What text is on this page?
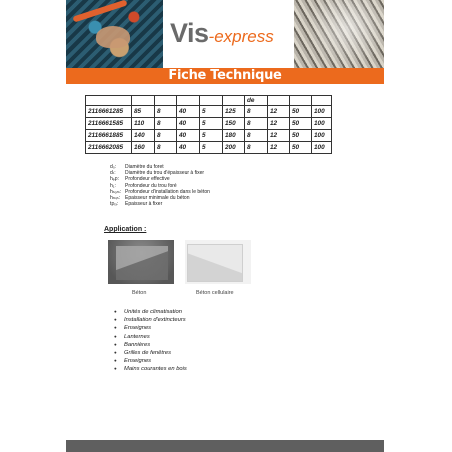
Vis-express
Fiche Technique
						de			
2116661285	85	8	40	5	125	8	12	50	100
2116661585	110	8	40	5	150	8	12	50	100
2116661885	140	8	40	5	180	8	12	50	100
2116662085	160	8	40	5	200	8	12	50	100
d₀:	Diamètre du foret
dₜ:	Diamètre du trou d'épaisseur à fixer
hₑբ:	Profondeur effective
h₁:	Profondeur du trou foré
hₙₒₘ: Profondeur d'installation dans le béton
hₘᵢₙ: Epaisseur minimale du béton
tբᵢₓ:	Epaisseur à fixer
Application :
Béton	Béton cellulaire
● Unités de climatisation
● Installation d'extincteurs
● Enseignes
● Lanternes
● Bannières
● Grilles de fenêtres
● Enseignes
● Mains courantes en bois
